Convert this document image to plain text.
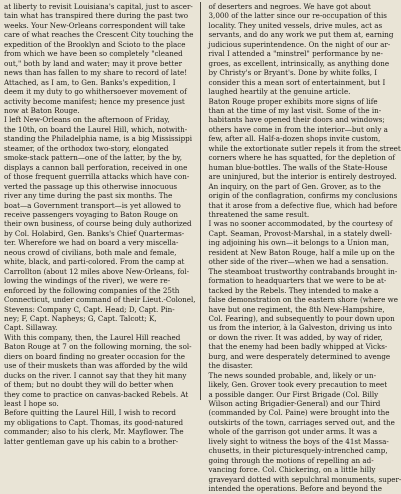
at liberty to revisit Louisiana's capital, just to ascer-

tain what has transpired there during the past two

weeks. Your New-Orleans correspondent will take

care of what reaches the Crescent City touching the

expedition of the Brooklyn and Scioto to the place

from which we have been so completely "cleaned

out," both by land and water; may it prove better

news than has fallen to my share to record of late!

Attached, as I am, to Gen. Banks's expedition, I

deem it my duty to go whithersoever movement of

activity become manifest; hence my presence just

now at Baton Rouge.

I left New-Orleans on the afternoon of Friday,

the 10th, on board the Laurel Hill, which, notwith-

standing the Philadelphia name, is a big Mississippi

steamer, of the orthodox two-story, elongated

smoke-stack pattern—one of the latter, by the by,

displays a cannon ball perforation, received in one

of those frequent guerrilla attacks which have con-

verted the passage up this otherwise innocuous

river any time during the past six months. The

boat—a Government transport—is yet allowed to

receive passengers voyaging to Baton Rouge on

their own business, of course being duly authorized

by Col. Holabird, Gen. Banks's Chief Quartermas-

ter. Wherefore we had on board a very miscella-

neous crowd of civilians, both male and female,

white, black, and parti-colored. From the camp at

Carrollton (about 12 miles above New-Orleans, fol-

lowing the windings of the river), we were re-

enforced by the following companies of the 25th

Connecticut, under command of their Lieut.-Colonel,

Stevens: Company C, Capt. Head; D, Capt. Pin-

ney; F, Capt. Napheys; G, Capt. Talcott; K,

Capt. Sillaway.

With this company, then, the Laurel Hill reached

Baton Rouge at 7 on the following morning, the sol-

diers on board finding no greater occasion for the

use of their muskets than was afforded by the wild

ducks on the river. I cannot say that they hit many

of them; but no doubt they will do better when

they come to practice on canvas-backed Rebels. At

least I hope so.

Before quitting the Laurel Hill, I wish to record

my obligations to Capt. Thomas, its good-natured

commander; also to his clerk, Mr. Mayflower. The

latter gentleman gave up his cabin to a brother-

of deserters and negroes. We have got about

3,000 of the latter since our re-occupation of this

locality. They united vessels, drive mules, act as

servants, and do any work we put them at, earning

judicious superintendence. On the night of our ar-

rival I attended a "minstrel" performance by ne-

groes, as excellent, intrinsically, as anything done

by Christy's or Bryant's. Done by white folks, I

consider this a mean sort of entertainment, but I

laughed heartily at the genuine article.

Baton Rouge proper exhibits more signs of life

than at the time of my last visit. Some of the in-

habitants have opened their doors and windows;

others have come in from the interior—but only a

few, after all. Half-a-dozen shops invite custom,

while the extortionate sutler repels it from the street

corners where he has squatted, for the depletion of

human blue-bottles. The walls of the State-House

are uninjured, but the interior is entirely destroyed.

An inquiry, on the part of Gen. Grover, as to the

origin of the conflagration, confirms my conclusions

that it arose from a defective flue, which had before

threatened the same result.

I was no sooner accommodated, by the courtesy of

Capt. Seaman, Provost-Marshal, in a stately dwell-

ing adjoining his own—it belongs to a Union man,

resident at New Baton Rouge, half a mile up on the

other side of the river—when we had a sensation.

The steamboat trustworthy contrabands brought in-

formation to headquarters that we were to be at-

tacked by the Rebels. They intended to make a

false demonstration on the eastern shore (where we

have but one regiment, the 8th New-Hampshire,

Col. Fearing), and subsequently to pour down upon

us from the interior, à la Galveston, driving us into

or down the river. It was added, by way of rider,

that the enemy had been badly whipped at Vicks-

burg, and were desperately determined to avenge

the disaster.

The news sounded probable, and, likely or un-

likely, Gen. Grover took every precaution to meet

a possible danger. Our First Brigade (Col. Billy

Wilson acting Brigadier-General) and our Third

(commanded by Col. Paine) were brought into the

outskirts of the town, carriages served out, and the

whole of the garrison got under arms. It was a

lively sight to witness the boys of the 41st Massa-

chusetts, in their picturesquely-intrenched camp,

going through the motions of repelling an ad-

vancing force. Col. Chickering, on a little hilly

graveyard dotted with sepulchral monuments, super-

intended the operations. Before and beyond the
